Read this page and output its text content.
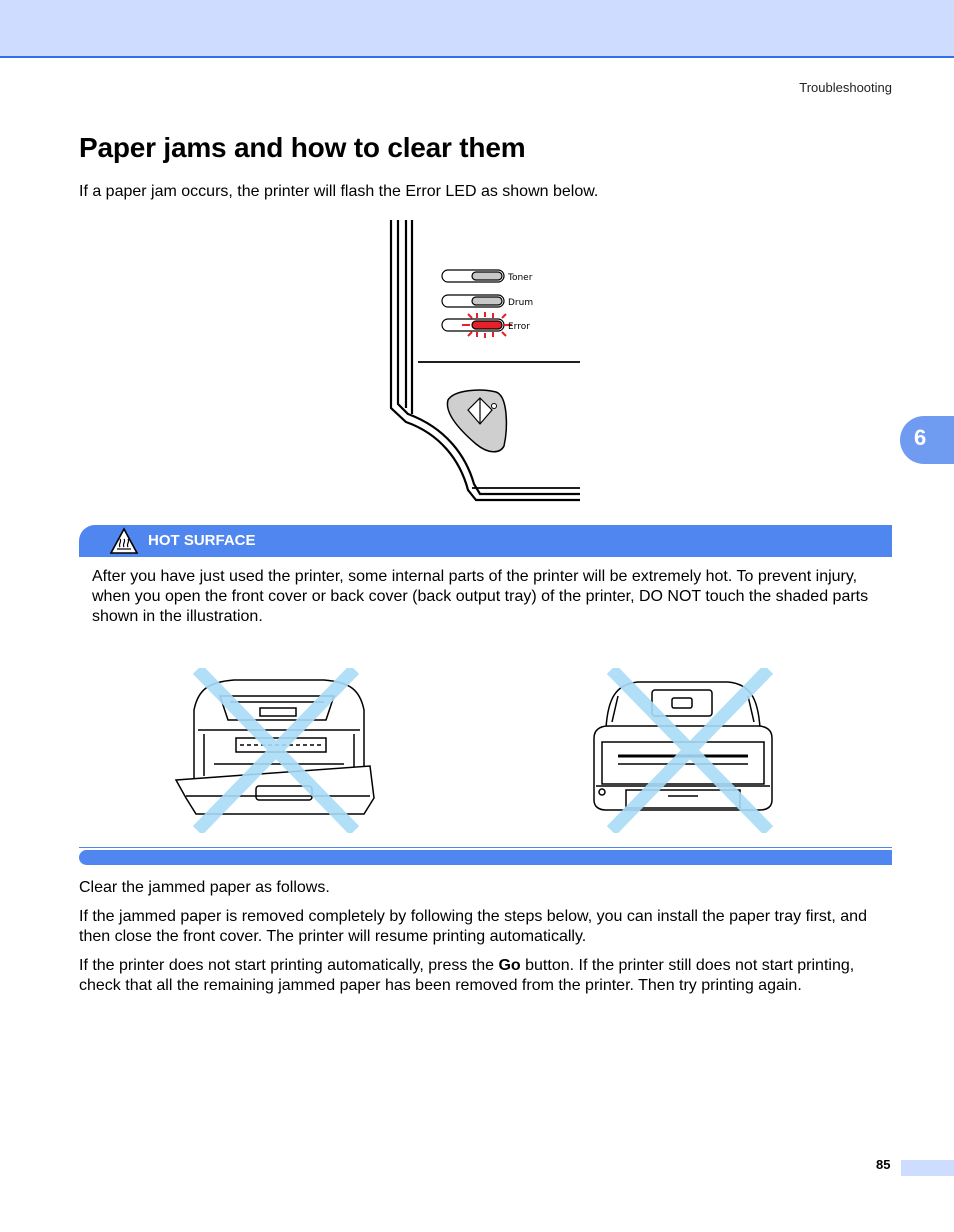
Troubleshooting
6
Paper jams and how to clear them

If a paper jam occurs, the printer will flash the Error LED as shown below.

Toner
Drum
Error
HOT SURFACE

After you have just used the printer, some internal parts of the printer will be extremely hot. To prevent injury, when you open the front cover or back cover (back output tray) of the printer, DO NOT touch the shaded parts shown in the illustration.

Clear the jammed paper as follows.

If the jammed paper is removed completely by following the steps below, you can install the paper tray first, and then close the front cover. The printer will resume printing automatically.

If the printer does not start printing automatically, press the Go button. If the printer still does not start printing, check that all the remaining jammed paper has been removed from the printer. Then try printing again.

85
